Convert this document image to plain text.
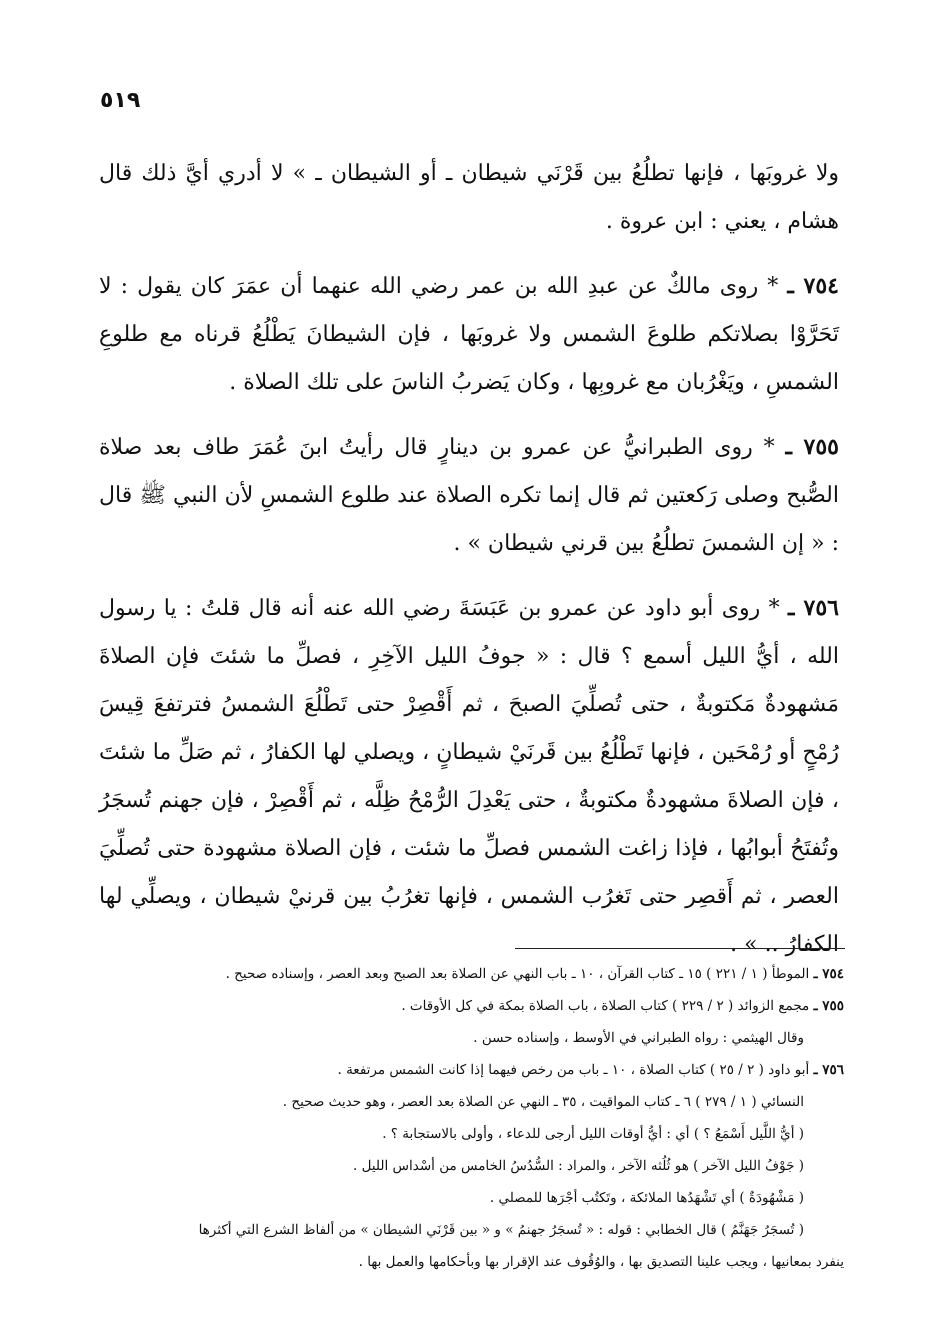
٥١٩

ولا غروبَها ، فإنها تطلُعُ بين قَرْنَي شيطان ـ أو الشيطان ـ » لا أدري أيَّ ذلك قال هشام ، يعني : ابن عروة .

٧٥٤ ـ * روى مالكٌ عن عبدِ الله بن عمر رضي الله عنهما أن عمَرَ كان يقول : لا تَحَرَّوْا بصلاتكم طلوعَ الشمس ولا غروبَها ، فإن الشيطانَ يَطْلُعُ قرناه مع طلوعِ الشمسِ ، ويَغْرُبان مع غروبِها ، وكان يَضربُ الناسَ على تلك الصلاة .

٧٥٥ ـ * روى الطبرانيُّ عن عمرو بن دينارٍ قال رأيتُ ابنَ عُمَرَ طاف بعد صلاة الصُّبح وصلى رَكعتين ثم قال إنما تكره الصلاة عند طلوع الشمسِ لأن النبي ﷺ قال : « إن الشمسَ تطلُعُ بين قرني شيطان » .

٧٥٦ ـ * روى أبو داود عن عمرو بن عَبَسَةَ رضي الله عنه أنه قال قلتُ : يا رسول الله ، أيُّ الليل أسمع ؟ قال : « جوفُ الليل الآخِرِ ، فصلِّ ما شئتَ فإن الصلاةَ مَشهودةٌ مَكتوبةٌ ، حتى تُصلِّيَ الصبحَ ، ثم أَقْصِرْ حتى تَطْلُعَ الشمسُ فترتفعَ قِيسَ رُمْحٍ أو رُمْحَين ، فإنها تَطْلُعُ بين قَرنَيْ شيطانٍ ، ويصلي لها الكفارُ ، ثم صَلِّ ما شئتَ ، فإن الصلاةَ مشهودةٌ مكتوبةٌ ، حتى يَعْدِلَ الرُّمْحُ ظِلَّه ، ثم أَقْصِرْ ، فإن جهنم تُسجَرُ وتُفتَحُ أبوابُها ، فإذا زاغت الشمس فصلِّ ما شئت ، فإن الصلاة مشهودة حتى تُصلِّيَ العصر ، ثم أَقصِر حتى تَغرُب الشمس ، فإنها تغرُبُ بين قرنيْ شيطان ، ويصلِّي لها الكفارُ .. » .

٧٥٤ ـ الموطأ ( ١ / ٢٢١ ) ١٥ ـ كتاب القرآن ، ١٠ ـ باب النهي عن الصلاة بعد الصبح وبعد العصر ، وإسناده صحيح .

٧٥٥ ـ مجمع الزوائد ( ٢ / ٢٢٩ ) كتاب الصلاة ، باب الصلاة بمكة في كل الأوقات .

وقال الهيثمي : رواه الطبراني في الأوسط ، وإسناده حسن .

٧٥٦ ـ أبو داود ( ٢ / ٢٥ ) كتاب الصلاة ، ١٠ ـ باب من رخص فيهما إذا كانت الشمس مرتفعة .

النسائي ( ١ / ٢٧٩ ) ٦ ـ كتاب المواقيت ، ٣٥ ـ النهي عن الصلاة بعد العصر ، وهو حديث صحيح .

( أيُّ اللَّيل أَسْمَعُ ؟ ) أي : أيُّ أوقات الليل أرجى للدعاء ، وأولى بالاستجابة ؟ .

( جَوْفُ الليل الآخر ) هو ثُلُثه الآخر ، والمراد : السُّدُسُ الخامس من أسْداس الليل .

( مَشْهُودَةٌ ) أي تَشْهَدُها الملائكة ، وتَكتُب أجْرَها للمصلي .

( تُسجَرُ جَهَنَّمُ ) قال الخطابي : قوله : « تُسجَرُ جهنمُ » و « بين قَرْنَي الشيطان » من ألفاظ الشرع التي أكثرها

ينفرد بمعانيها ، ويجب علينا التصديق بها ، والوُقُوف عند الإقرار بها وبأحكامها والعمل بها .
